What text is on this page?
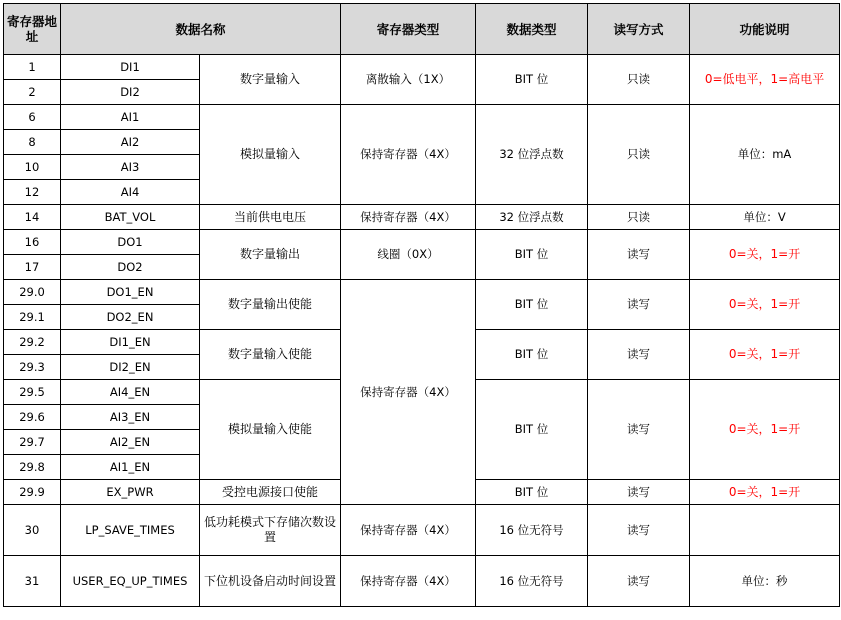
寄存器地址	数据名称		寄存器类型	数据类型	读写方式	功能说明
1	DI1	数字量输入	离散输入（1X）	BIT 位	只读	0=低电平，1=高电平
2	DI2					
6	AI1	模拟量输入	保持寄存器（4X）	32 位浮点数	只读	单位：mA
8	AI2					
10	AI3					
12	AI4					
14	BAT_VOL	当前供电电压	保持寄存器（4X）	32 位浮点数	只读	单位：V
16	DO1	数字量输出	线圈（0X）	BIT 位	读写	0=关，1=开
17	DO2					
29.0	DO1_EN	数字量输出使能	保持寄存器（4X）	BIT 位	读写	0=关，1=开
29.1	DO2_EN					
29.2	DI1_EN	数字量输入使能		BIT 位	读写	0=关，1=开
29.3	DI2_EN					
29.5	AI4_EN	模拟量输入使能		BIT 位	读写	0=关，1=开
29.6	AI3_EN					
29.7	AI2_EN					
29.8	AI1_EN					
29.9	EX_PWR	受控电源接口使能		BIT 位	读写	0=关，1=开
30	LP_SAVE_TIMES	低功耗模式下存储次数设置	保持寄存器（4X）	16 位无符号	读写	
31	USER_EQ_UP_TIMES	下位机设备启动时间设置	保持寄存器（4X）	16 位无符号	读写	单位：秒
